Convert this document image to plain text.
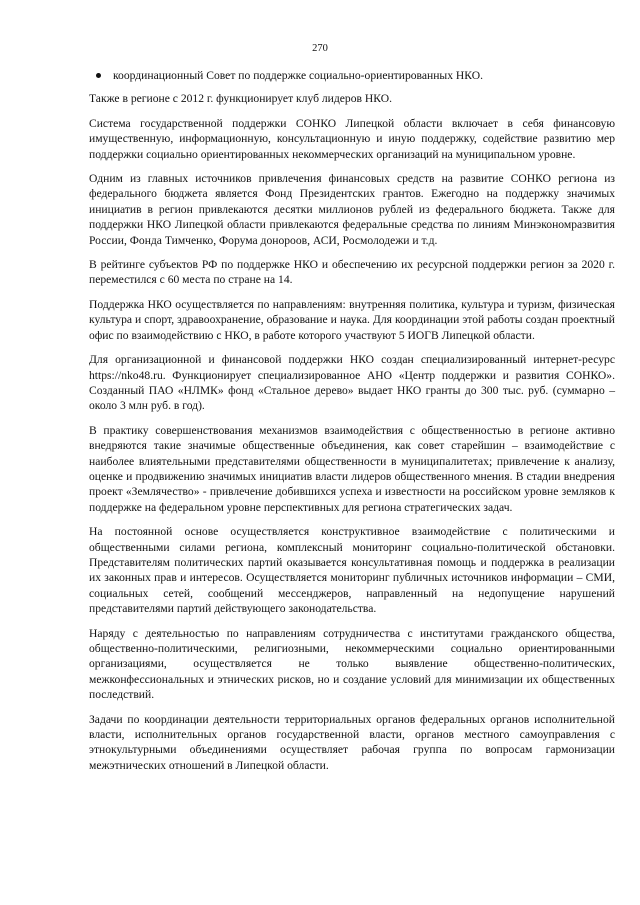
270
координационный Совет по поддержке социально-ориентированных НКО.

Также в регионе с 2012 г. функционирует клуб лидеров НКО.

Система государственной поддержки СОНКО Липецкой области включает в себя финансовую имущественную, информационную, консультационную и иную поддержку, содействие развитию мер поддержки социально ориентированных некоммерческих организаций на муниципальном уровне.

Одним из главных источников привлечения финансовых средств на развитие СОНКО региона из федерального бюджета является Фонд Президентских грантов. Ежегодно на поддержку значимых инициатив в регион привлекаются десятки миллионов рублей из федерального бюджета. Также для поддержки НКО Липецкой области привлекаются федеральные средства по линиям Минэкономразвития России, Фонда Тимченко, Форума донороов, АСИ, Росмолодежи и т.д.

В рейтинге субъектов РФ по поддержке НКО и обеспечению их ресурсной поддержки регион за 2020 г. переместился с 60 места по стране на 14.

Поддержка НКО осуществляется по направлениям: внутренняя политика, культура и туризм, физическая культура и спорт, здравоохранение, образование и наука. Для координации этой работы создан проектный офис по взаимодействию с НКО, в работе которого участвуют 5 ИОГВ Липецкой области.

Для организационной и финансовой поддержки НКО создан специализированный интернет-ресурс https://nko48.ru. Функционирует специализированное АНО «Центр поддержки и развития СОНКО». Созданный ПАО «НЛМК» фонд «Стальное дерево» выдает НКО гранты до 300 тыс. руб. (суммарно – около 3 млн руб. в год).

В практику совершенствования механизмов взаимодействия с общественностью в регионе активно внедряются такие значимые общественные объединения, как совет старейшин – взаимодействие с наиболее влиятельными представителями общественности в муниципалитетах; привлечение к анализу, оценке и продвижению значимых инициатив власти лидеров общественного мнения. В стадии внедрения проект «Землячество» - привлечение добившихся успеха и известности на российском уровне земляков к поддержке на федеральном уровне перспективных для региона стратегических задач.

На постоянной основе осуществляется конструктивное взаимодействие с политическими и общественными силами региона, комплексный мониторинг социально-политической обстановки. Представителям политических партий оказывается консультативная помощь и поддержка в реализации их законных прав и интересов. Осуществляется мониторинг публичных источников информации – СМИ, социальных сетей, сообщений мессенджеров, направленный на недопущение нарушений представителями партий действующего законодательства.

Наряду с деятельностью по направлениям сотрудничества с институтами гражданского общества, общественно-политическими, религиозными, некоммерческими социально ориентированными организациями, осуществляется не только выявление общественно-политических, межконфессиональных и этнических рисков, но и создание условий для минимизации их общественных последствий.

Задачи по координации деятельности территориальных органов федеральных органов исполнительной власти, исполнительных органов государственной власти, органов местного самоуправления с этнокультурными объединениями осуществляет рабочая группа по вопросам гармонизации межэтнических отношений в Липецкой области.
